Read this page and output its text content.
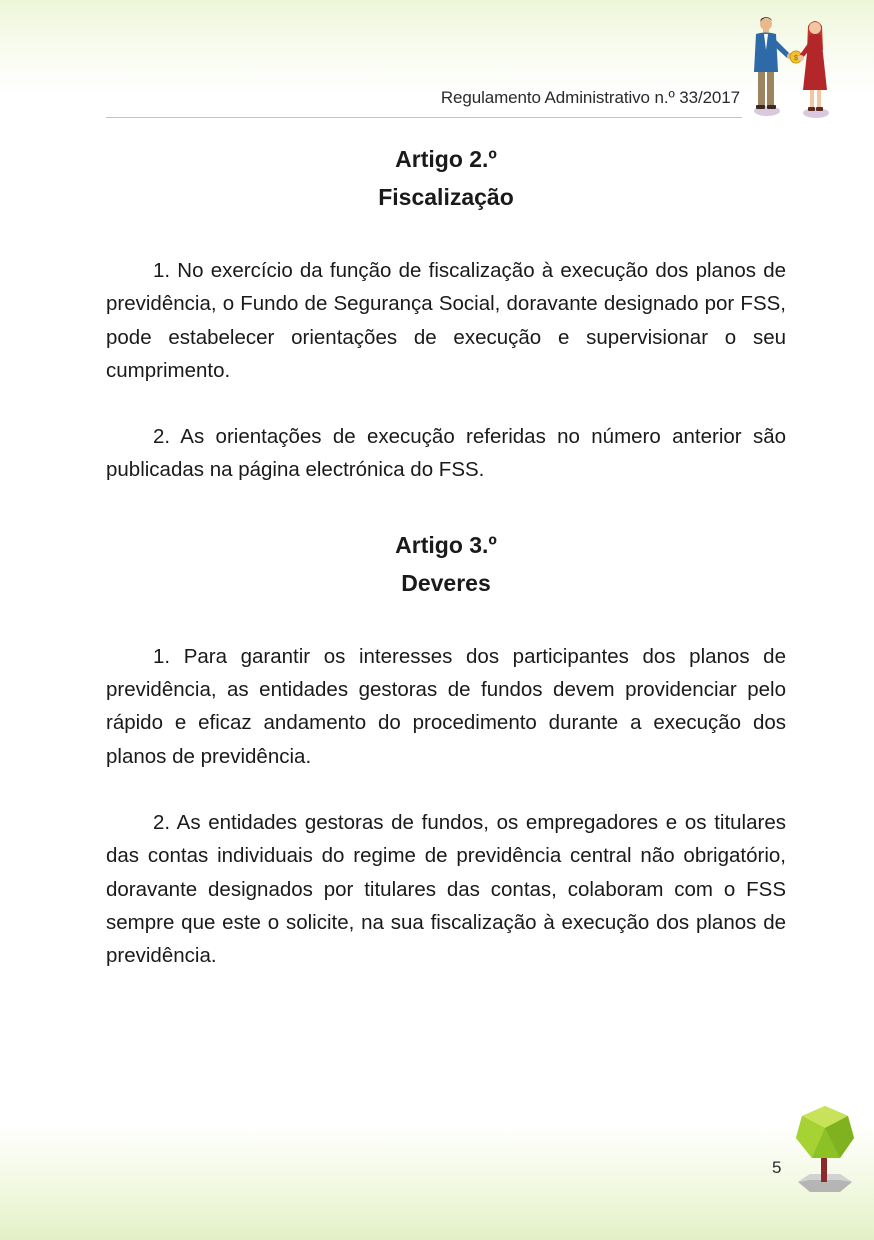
$
Regulamento Administrativo n.º 33/2017
Artigo 2.º
Fiscalização

1. No exercício da função de fiscalização à execução dos planos de previdência, o Fundo de Segurança Social, doravante designado por FSS, pode estabelecer orientações de execução e supervisionar o seu cumprimento.

2. As orientações de execução referidas no número anterior são publicadas na página electrónica do FSS.

Artigo 3.º
Deveres

1. Para garantir os interesses dos participantes dos planos de previdência, as entidades gestoras de fundos devem providenciar pelo rápido e eficaz andamento do procedimento durante a execução dos planos de previdência.

2. As entidades gestoras de fundos, os empregadores e os titulares das contas individuais do regime de previdência central não obrigatório, doravante designados por titulares das contas, colaboram com o FSS sempre que este o solicite, na sua fiscalização à execução dos planos de previdência.

5
